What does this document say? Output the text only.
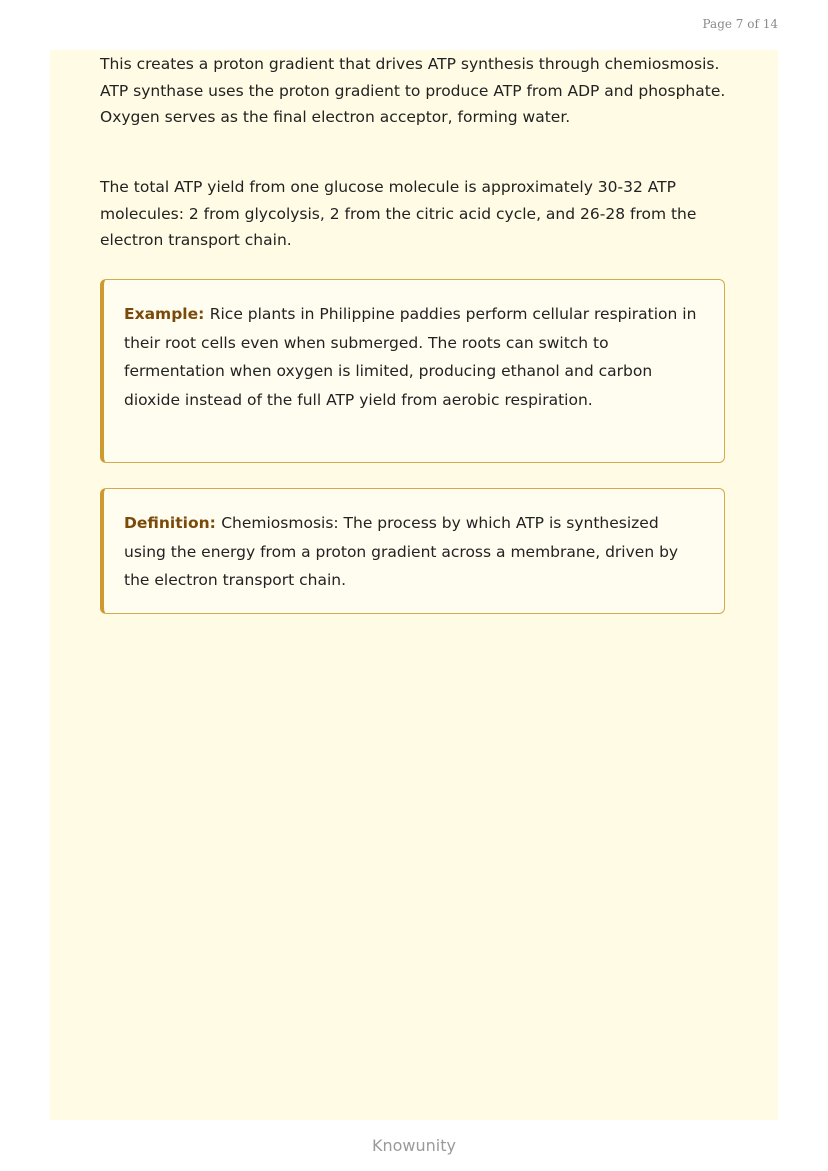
Page 7 of 14

This creates a proton gradient that drives ATP synthesis through chemiosmosis. ATP synthase uses the proton gradient to produce ATP from ADP and phosphate. Oxygen serves as the final electron acceptor, forming water.

The total ATP yield from one glucose molecule is approximately 30-32 ATP molecules: 2 from glycolysis, 2 from the citric acid cycle, and 26-28 from the electron transport chain.

Example: Rice plants in Philippine paddies perform cellular respiration in their root cells even when submerged. The roots can switch to fermentation when oxygen is limited, producing ethanol and carbon dioxide instead of the full ATP yield from aerobic respiration.
Definition: Chemiosmosis: The process by which ATP is synthesized using the energy from a proton gradient across a membrane, driven by the electron transport chain.
Knowunity
